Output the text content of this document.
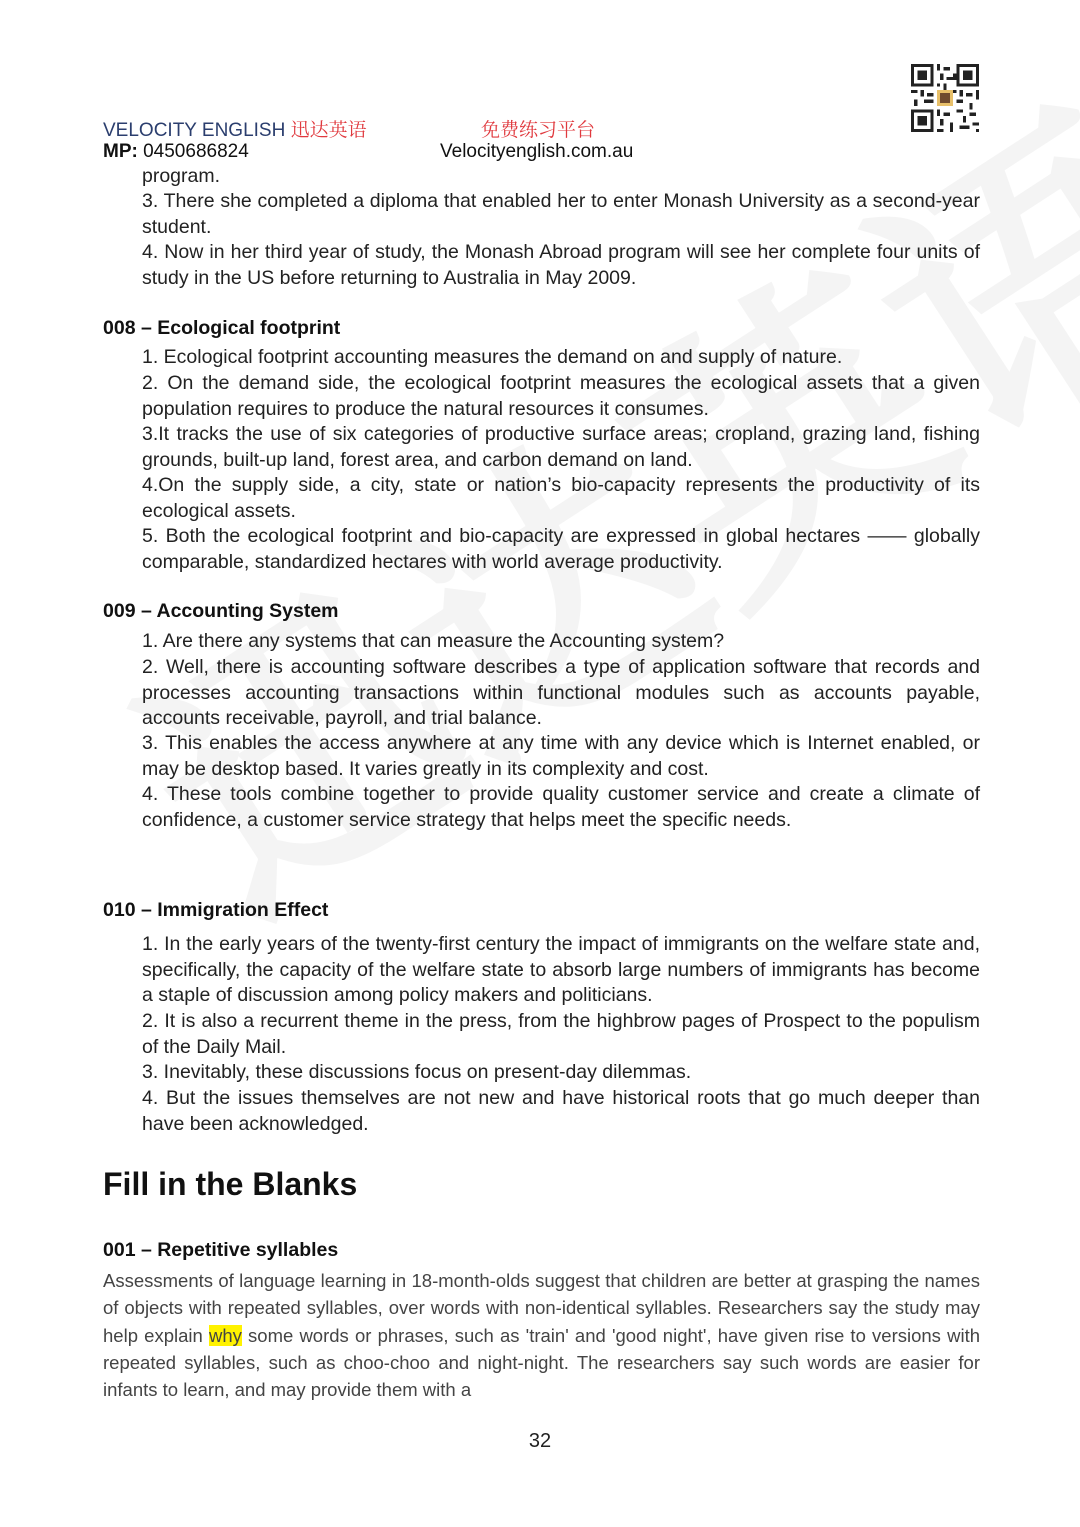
VELOCITY ENGLISH 迅达英语	免费练习平台
MP: 0450686824	Velocityenglish.com.au
program.
3. There she completed a diploma that enabled her to enter Monash University as a second-year student.
4. Now in her third year of study, the Monash Abroad program will see her complete four units of study in the US before returning to Australia in May 2009.
008 – Ecological footprint
1. Ecological footprint accounting measures the demand on and supply of nature.
2. On the demand side, the ecological footprint measures the ecological assets that a given population requires to produce the natural resources it consumes.
3.It tracks the use of six categories of productive surface areas; cropland, grazing land, fishing grounds, built-up land, forest area, and carbon demand on land.
4.On the supply side, a city, state or nation’s bio-capacity represents the productivity of its ecological assets.
5. Both the ecological footprint and bio-capacity are expressed in global hectares —— globally comparable, standardized hectares with world average productivity.
009 – Accounting System
1. Are there any systems that can measure the Accounting system?
2. Well, there is accounting software describes a type of application software that records and processes accounting transactions within functional modules such as accounts payable, accounts receivable, payroll, and trial balance.
3. This enables the access anywhere at any time with any device which is Internet enabled, or may be desktop based. It varies greatly in its complexity and cost.
4. These tools combine together to provide quality customer service and create a climate of confidence, a customer service strategy that helps meet the specific needs.
010 – Immigration Effect
1. In the early years of the twenty-first century the impact of immigrants on the welfare state and, specifically, the capacity of the welfare state to absorb large numbers of immigrants has become a staple of discussion among policy makers and politicians.
2. It is also a recurrent theme in the press, from the highbrow pages of Prospect to the populism of the Daily Mail.
3. Inevitably, these discussions focus on present-day dilemmas.
4. But the issues themselves are not new and have historical roots that go much deeper than have been acknowledged.
Fill in the Blanks
001 – Repetitive syllables
Assessments of language learning in 18-month-olds suggest that children are better at grasping the names of objects with repeated syllables, over words with non-identical syllables. Researchers say the study may help explain why some words or phrases, such as 'train' and 'good night', have given rise to versions with repeated syllables, such as choo-choo and night-night. The researchers say such words are easier for infants to learn, and may provide them with a
32
